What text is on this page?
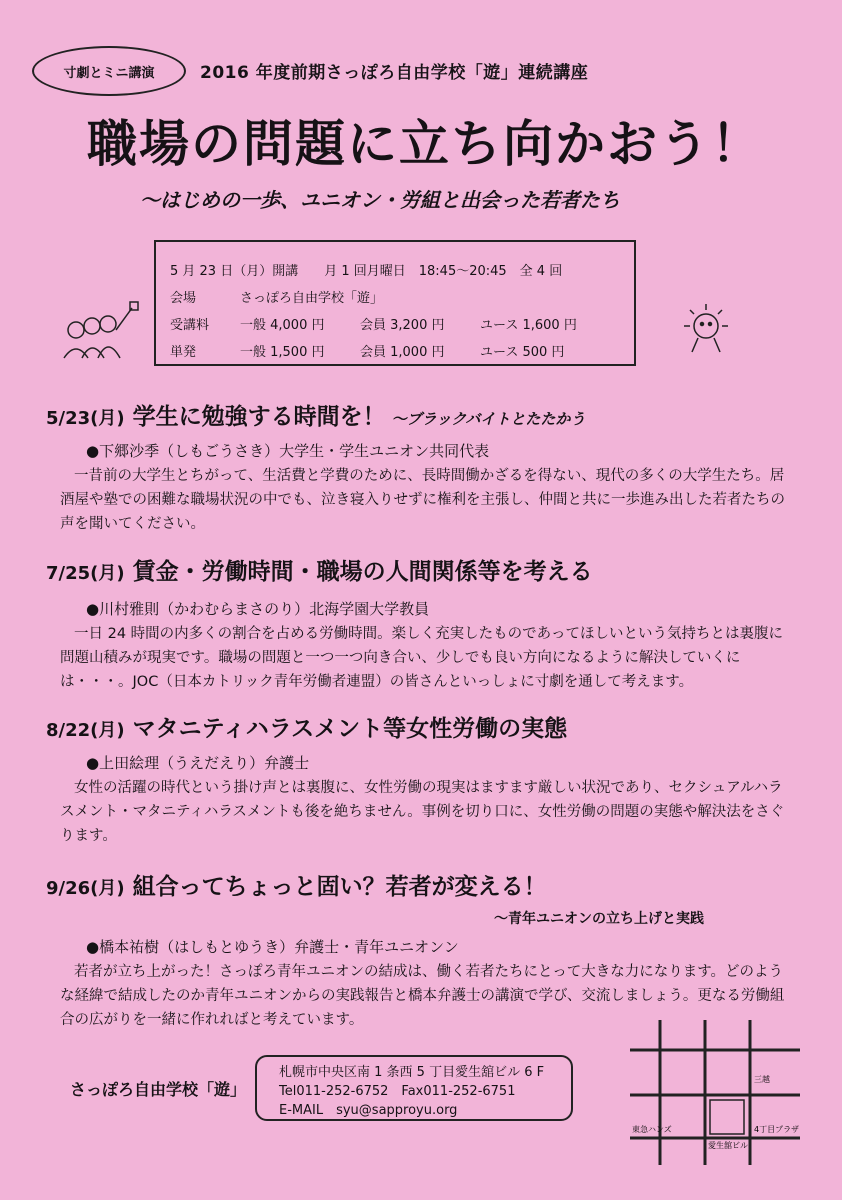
寸劇とミニ講演	2016 年度前期さっぽろ自由学校「遊」連続講座
職場の問題に立ち向かおう！
～はじめの一歩、ユニオン・労組と出会った若者たち
5 月 23 日（月）開講　　月 1 回月曜日　18:45～20:45　全 4 回
会場	さっぽろ自由学校「遊」
受講料	一般 4,000 円	会員 3,200 円	ユース 1,600 円
単発	一般 1,500 円	会員 1,000 円	ユース 500 円
5/23(月) 学生に勉強する時間を！ ～ブラックバイトとたたかう
●下郷沙季（しもごうさき）大学生・学生ユニオン共同代表

一昔前の大学生とちがって、生活費と学費のために、長時間働かざるを得ない、現代の多くの大学生たち。居酒屋や塾での困難な職場状況の中でも、泣き寝入りせずに権利を主張し、仲間と共に一歩進み出した若者たちの声を聞いてください。

7/25(月) 賃金・労働時間・職場の人間関係等を考える
●川村雅則（かわむらまさのり）北海学園大学教員

一日 24 時間の内多くの割合を占める労働時間。楽しく充実したものであってほしいという気持ちとは裏腹に問題山積みが現実です。職場の問題と一つ一つ向き合い、少しでも良い方向になるように解決していくには・・・。JOC（日本カトリック青年労働者連盟）の皆さんといっしょに寸劇を通して考えます。

8/22(月) マタニティハラスメント等女性労働の実態
●上田絵理（うえだえり）弁護士

女性の活躍の時代という掛け声とは裏腹に、女性労働の現実はますます厳しい状況であり、セクシュアルハラスメント・マタニティハラスメントも後を絶ちません。事例を切り口に、女性労働の問題の実態や解決法をさぐります。

9/26(月) 組合ってちょっと固い？若者が変える！
～青年ユニオンの立ち上げと実践
●橋本祐樹（はしもとゆうき）弁護士・青年ユニオンン

若者が立ち上がった！さっぽろ青年ユニオンの結成は、働く若者たちにとって大きな力になります。どのような経緯で結成したのか青年ユニオンからの実践報告と橋本弁護士の講演で学び、交流しましょう。更なる労働組合の広がりを一緒に作れればと考えています。

さっぽろ自由学校「遊」
札幌市中央区南 1 条西 5 丁目愛生舘ビル 6 F
Tel011-252-6752　Fax011-252-6751
E-MAIL　syu@sapproyu.org
東急ハンズ
愛生舘ビル
4丁目プラザ
三越
